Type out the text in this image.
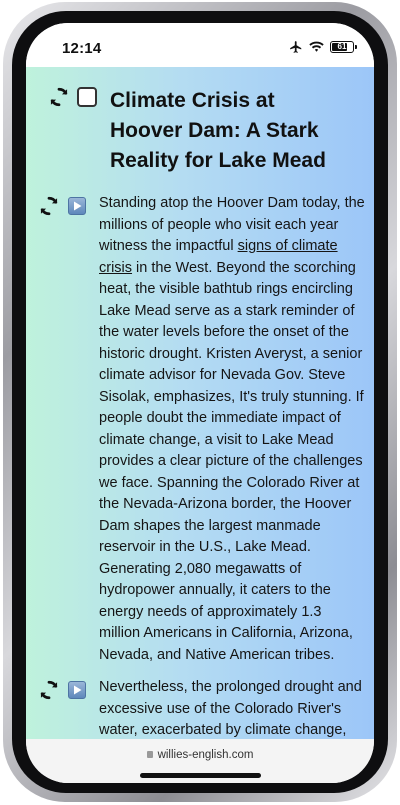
12:14	61
Climate Crisis at Hoover Dam: A Stark Reality for Lake Mead
Standing atop the Hoover Dam today, the millions of people who visit each year witness the impactful signs of climate crisis in the West. Beyond the scorching heat, the visible bathtub rings encircling Lake Mead serve as a stark reminder of the water levels before the onset of the historic drought. Kristen Averyst, a senior climate advisor for Nevada Gov. Steve Sisolak, emphasizes, It's truly stunning. If people doubt the immediate impact of climate change, a visit to Lake Mead provides a clear picture of the challenges we face. Spanning the Colorado River at the Nevada-Arizona border, the Hoover Dam shapes the largest manmade reservoir in the U.S., Lake Mead. Generating 2,080 megawatts of hydropower annually, it caters to the energy needs of approximately 1.3 million Americans in California, Arizona, Nevada, and Native American tribes.
Nevertheless, the prolonged drought and excessive use of the Colorado River's water, exacerbated by climate change,
willies-english.com
